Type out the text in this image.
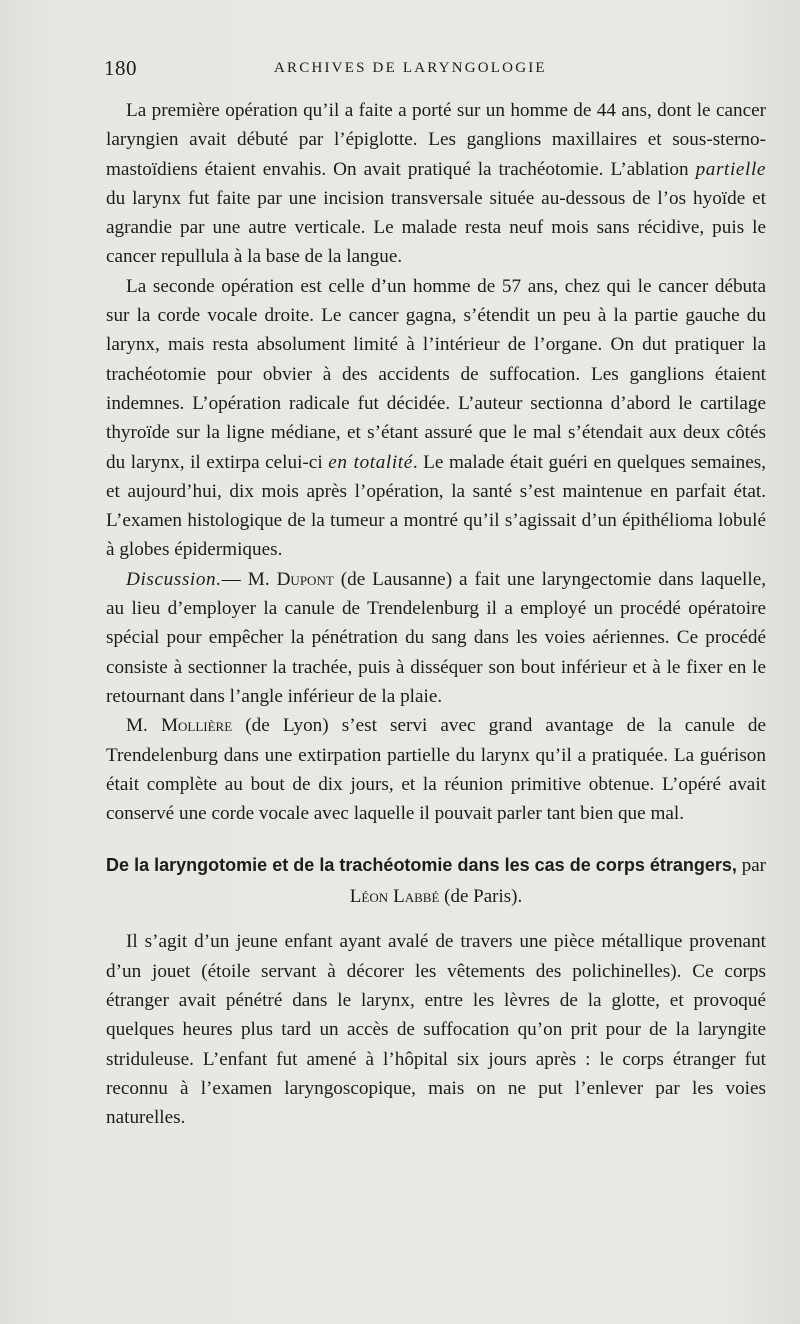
180	ARCHIVES DE LARYNGOLOGIE

La première opération qu’il a faite a porté sur un homme de 44 ans, dont le cancer laryngien avait débuté par l’épiglotte. Les ganglions maxillaires et sous-sterno-mastoïdiens étaient envahis. On avait pratiqué la trachéotomie. L’ablation partielle du larynx fut faite par une incision transversale située au-dessous de l’os hyoïde et agrandie par une autre verticale. Le malade resta neuf mois sans récidive, puis le cancer repullula à la base de la langue.

La seconde opération est celle d’un homme de 57 ans, chez qui le cancer débuta sur la corde vocale droite. Le cancer gagna, s’étendit un peu à la partie gauche du larynx, mais resta absolument limité à l’intérieur de l’organe. On dut pratiquer la trachéotomie pour obvier à des accidents de suffocation. Les ganglions étaient indemnes. L’opération radicale fut décidée. L’auteur sectionna d’abord le cartilage thyroïde sur la ligne médiane, et s’étant assuré que le mal s’étendait aux deux côtés du larynx, il extirpa celui-ci en totalité. Le malade était guéri en quelques semaines, et aujourd’hui, dix mois après l’opération, la santé s’est maintenue en parfait état. L’examen histologique de la tumeur a montré qu’il s’agissait d’un épithélioma lobulé à globes épidermiques.

Discussion.— M. Dupont (de Lausanne) a fait une laryngectomie dans laquelle, au lieu d’employer la canule de Trendelenburg il a employé un procédé opératoire spécial pour empêcher la pénétration du sang dans les voies aériennes. Ce procédé consiste à sectionner la trachée, puis à disséquer son bout inférieur et à le fixer en le retournant dans l’angle inférieur de la plaie.

M. Mollière (de Lyon) s’est servi avec grand avantage de la canule de Trendelenburg dans une extirpation partielle du larynx qu’il a pratiquée. La guérison était complète au bout de dix jours, et la réunion primitive obtenue. L’opéré avait conservé une corde vocale avec laquelle il pouvait parler tant bien que mal.

De la laryngotomie et de la trachéotomie dans les cas de corps étrangers, par Léon Labbé (de Paris).

Il s’agit d’un jeune enfant ayant avalé de travers une pièce métallique provenant d’un jouet (étoile servant à décorer les vêtements des polichinelles). Ce corps étranger avait pénétré dans le larynx, entre les lèvres de la glotte, et provoqué quelques heures plus tard un accès de suffocation qu’on prit pour de la laryngite striduleuse. L’enfant fut amené à l’hôpital six jours après : le corps étranger fut reconnu à l’examen laryngoscopique, mais on ne put l’enlever par les voies naturelles.
